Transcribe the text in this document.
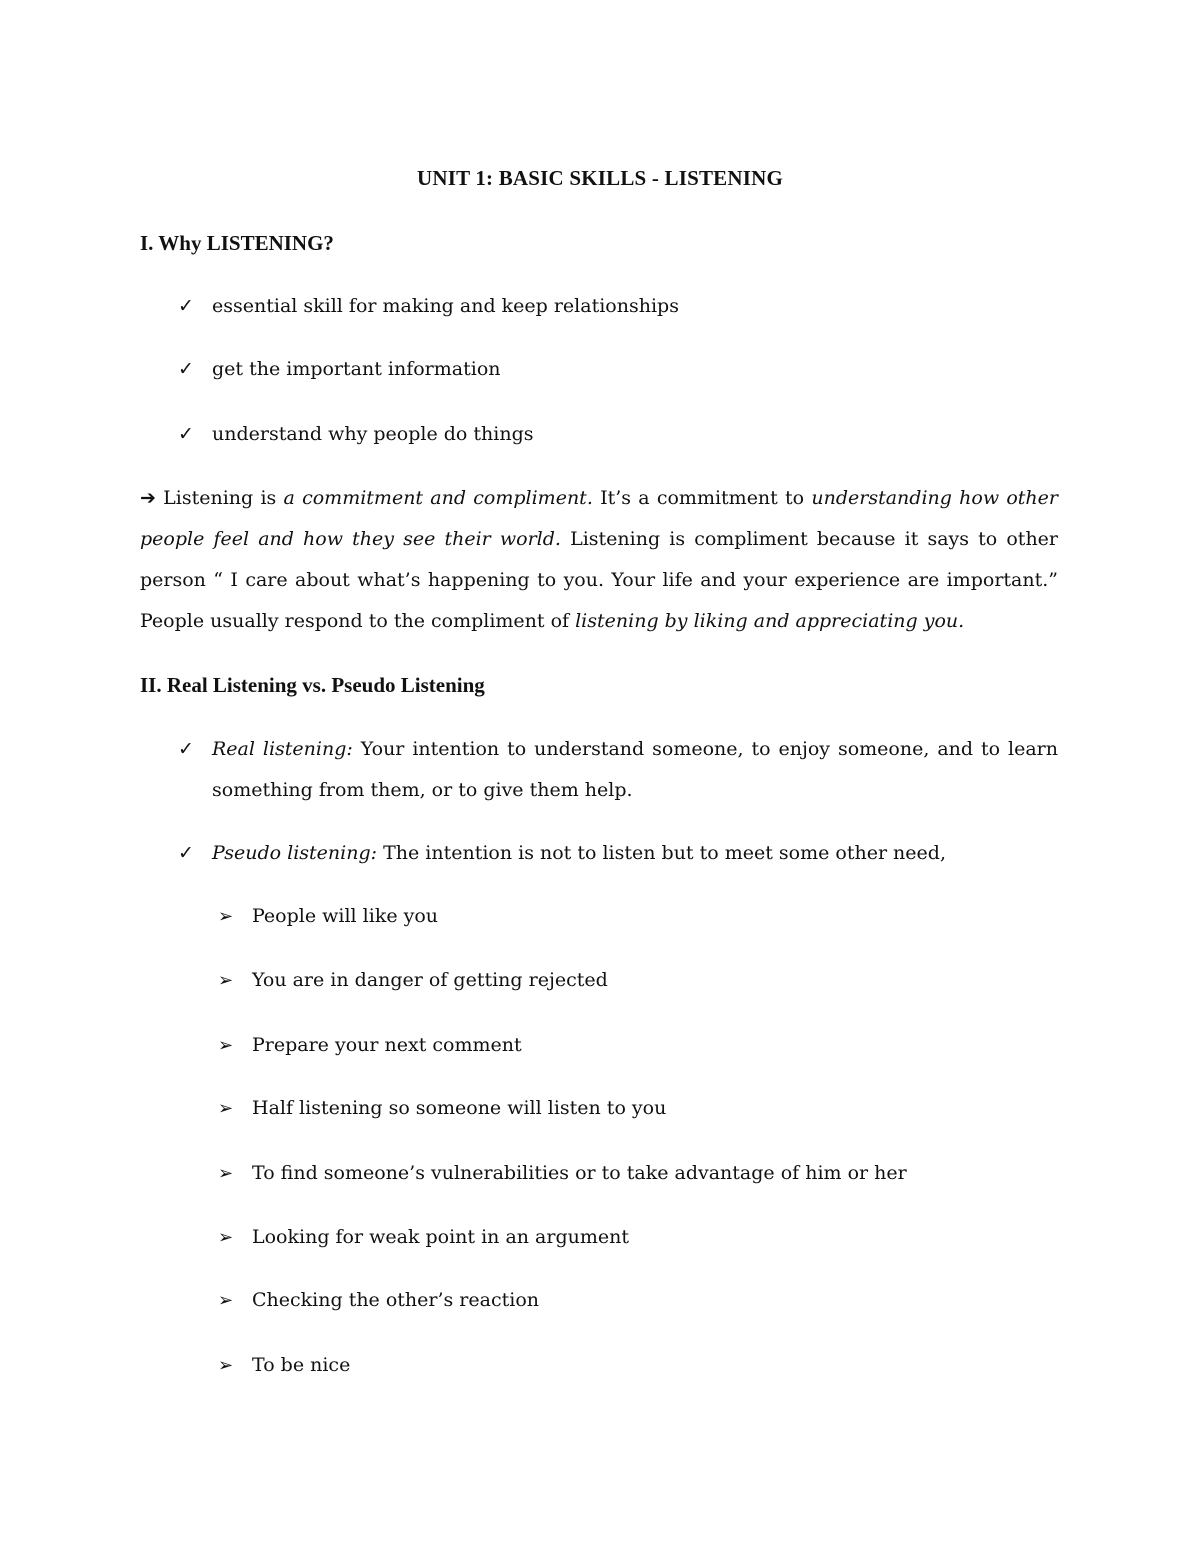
UNIT 1: BASIC SKILLS - LISTENING
I. Why LISTENING?
✓ essential skill for making and keep relationships
✓ get the important information
✓ understand why people do things
➔ Listening is a commitment and compliment. It’s a commitment to understanding how other people feel and how they see their world. Listening is compliment because it says to other person “ I care about what’s happening to you. Your life and your experience are important.” People usually respond to the compliment of listening by liking and appreciating you.
II. Real Listening vs. Pseudo Listening
✓ Real listening: Your intention to understand someone, to enjoy someone, and to learn something from them, or to give them help.
✓ Pseudo listening: The intention is not to listen but to meet some other need,
➢ People will like you
➢ You are in danger of getting rejected
➢ Prepare your next comment
➢ Half listening so someone will listen to you
➢ To find someone’s vulnerabilities or to take advantage of him or her
➢ Looking for weak point in an argument
➢ Checking the other’s reaction
➢ To be nice
